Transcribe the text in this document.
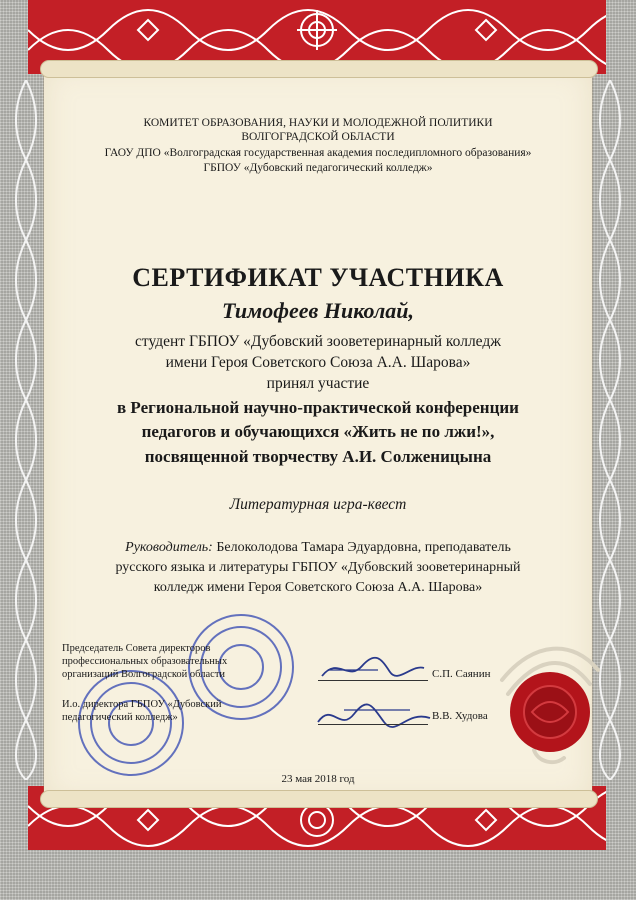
КОМИТЕТ ОБРАЗОВАНИЯ, НАУКИ И МОЛОДЕЖНОЙ ПОЛИТИКИ

ВОЛГОГРАДСКОЙ ОБЛАСТИ

ГАОУ ДПО «Волгоградская государственная академия последипломного образования»

ГБПОУ «Дубовский педагогический колледж»

СЕРТИФИКАТ УЧАСТНИКА

Тимофеев Николай,

студент ГБПОУ «Дубовский зооветеринарный колледж

имени Героя Советского Союза А.А. Шарова»

принял участие

в Региональной научно-практической конференции

педагогов и обучающихся «Жить не по лжи!»,

посвященной творчеству А.И. Солженицына

Литературная игра-квест

Руководитель: Белоколодова Тамара Эдуардовна, преподаватель

русского языка и литературы ГБПОУ «Дубовский зооветеринарный

колледж имени Героя Советского Союза А.А. Шарова»

Председатель Совета директоров профессиональных образовательных организаций Волгоградской области

И.о. директора ГБПОУ «Дубовский педагогический колледж»

С.П. Саянин

В.В. Худова

23 мая 2018 год
